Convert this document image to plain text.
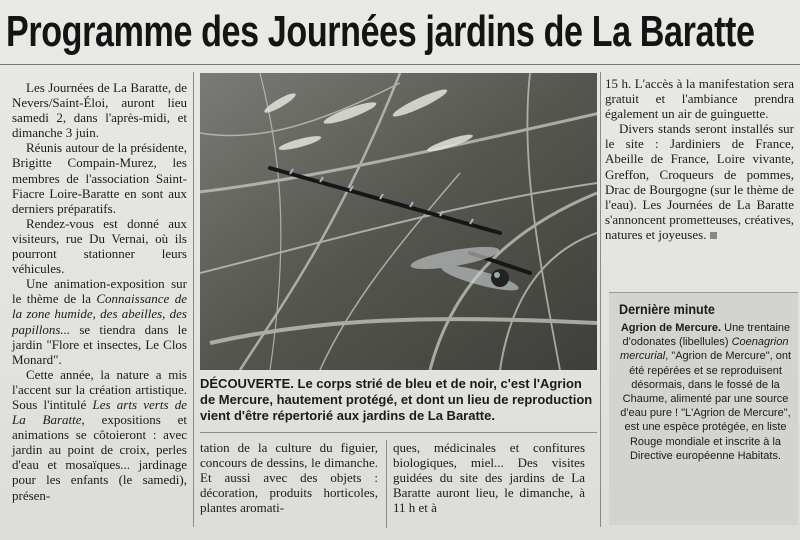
Programme des Journées jardins de La Baratte

Les Journées de La Baratte, de Nevers/Saint-Éloi, auront lieu samedi 2, dans l'après-midi, et dimanche 3 juin.

Réunis autour de la présidente, Brigitte Compain-Murez, les membres de l'association Saint-Fiacre Loire-Baratte en sont aux derniers préparatifs.

Rendez-vous est donné aux visiteurs, rue Du Vernai, où ils pourront stationner leurs véhicules.

Une animation-exposition sur le thème de la Connaissance de la zone humide, des abeilles, des papillons... se tiendra dans le jardin "Flore et insectes, Le Clos Monard".

Cette année, la nature a mis l'accent sur la création artistique. Sous l'intitulé Les arts verts de La Baratte, expositions et animations se côtoieront : avec jardin au point de croix, perles d'eau et mosaïques... jardinage pour les enfants (le samedi), présen-

DÉCOUVERTE. Le corps strié de bleu et de noir, c'est l'Agrion de Mercure, hautement protégé, et dont un lieu de reproduction vient d'être répertorié aux jardins de La Baratte.

tation de la culture du figuier, concours de dessins, le dimanche. Et aussi avec des objets : décoration, produits horticoles, plantes aromati-

ques, médicinales et confitures biologiques, miel... Des visites guidées du site des jardins de La Baratte auront lieu, le dimanche, à 11 h et à

15 h. L'accès à la manifestation sera gratuit et l'ambiance prendra également un air de guinguette.

Divers stands seront installés sur le site : Jardiniers de France, Abeille de France, Loire vivante, Greffon, Croqueurs de pommes, Drac de Bourgogne (sur le thème de l'eau). Les Journées de La Baratte s'annoncent prometteuses, créatives, natures et joyeuses.

Dernière minute
Agrion de Mercure. Une trentaine d'odonates (libellules) Coenagrion mercurial, "Agrion de Mercure", ont été repérées et se reproduisent désormais, dans le fossé de la Chaume, alimenté par une source d'eau pure ! "L'Agrion de Mercure", est une espèce protégée, en liste Rouge mondiale et inscrite à la Directive européenne Habitats.
